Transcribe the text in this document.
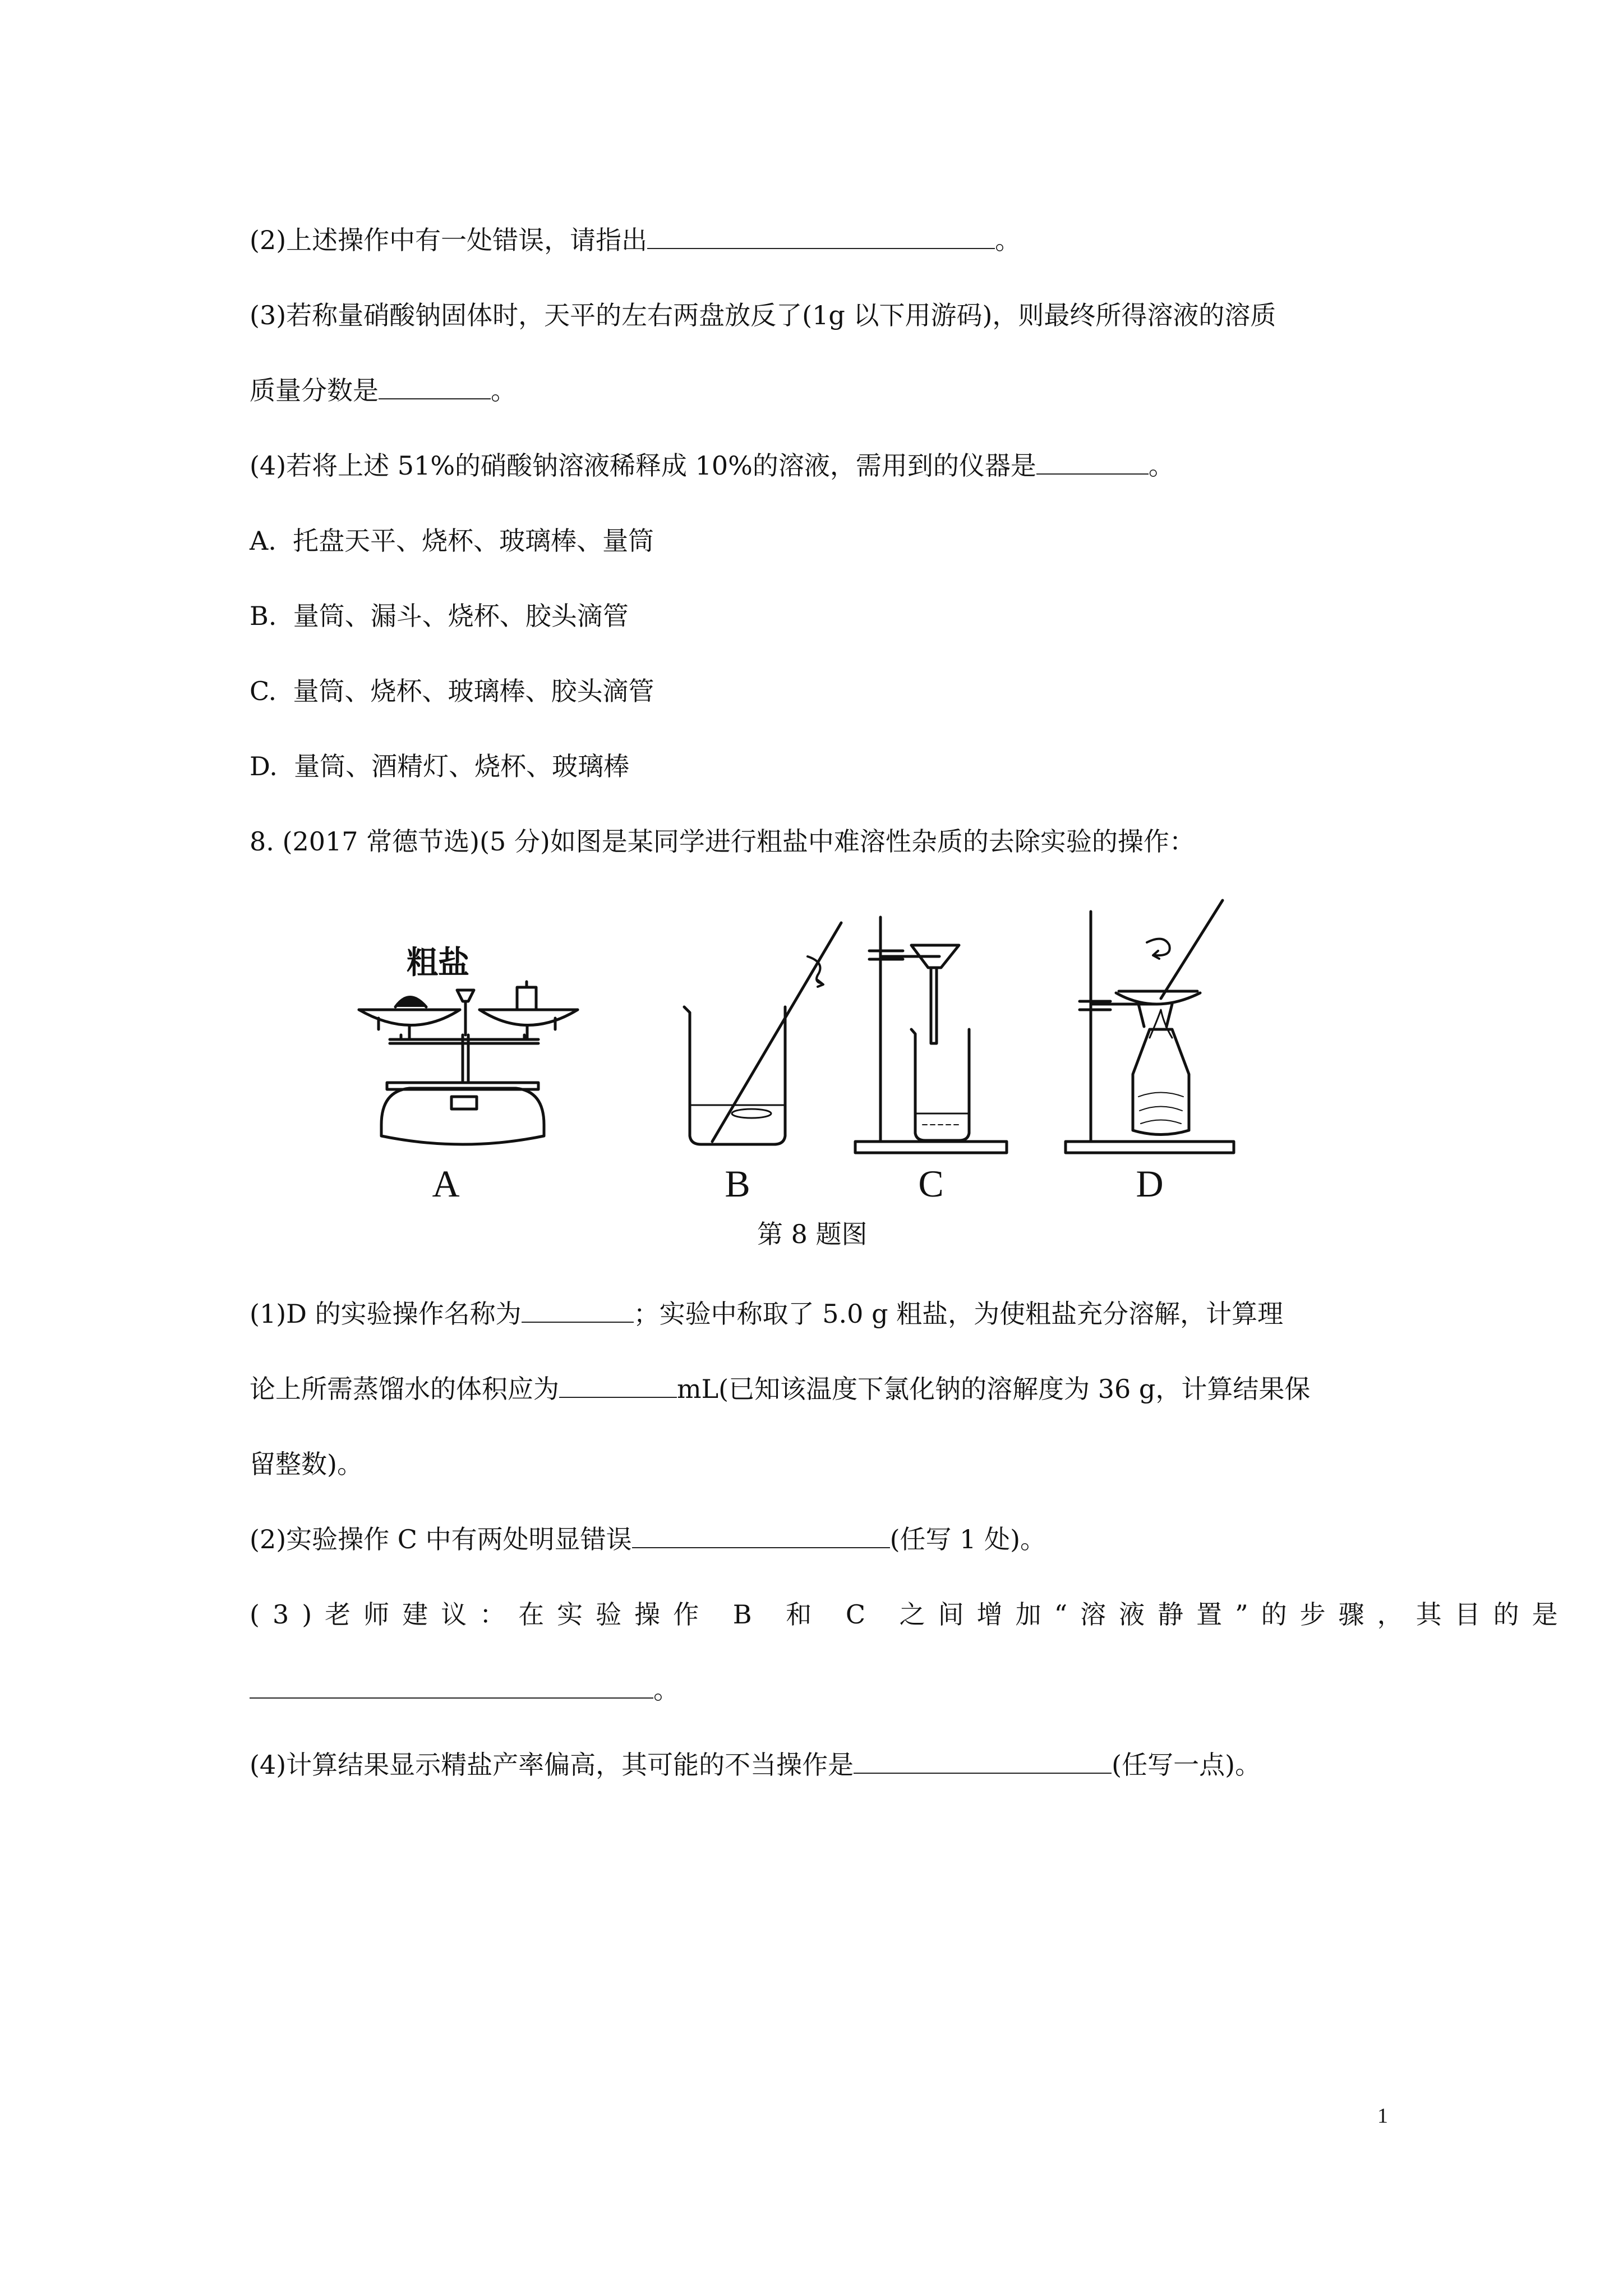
(2)上述操作中有一处错误，请指出	。
(3)若称量硝酸钠固体时，天平的左右两盘放反了(1g 以下用游码)，则最终所得溶液的溶质
质量分数是	。
(4)若将上述 51%的硝酸钠溶液稀释成 10%的溶液，需用到的仪器是	。
A. 托盘天平、烧杯、玻璃棒、量筒
B. 量筒、漏斗、烧杯、胶头滴管
C. 量筒、烧杯、玻璃棒、胶头滴管
D. 量筒、酒精灯、烧杯、玻璃棒
8. (2017 常德节选)(5 分)如图是某同学进行粗盐中难溶性杂质的去除实验的操作：
粗盐
A	B	C	D
第 8 题图
(1)D 的实验操作名称为	；实验中称取了 5.0 g 粗盐，为使粗盐充分溶解，计算理
论上所需蒸馏水的体积应为	mL(已知该温度下氯化钠的溶解度为 36 g，计算结果保
留整数)。
(2)实验操作 C 中有两处明显错误	(任写 1 处)。
(3)老师建议：在实验操作 B 和 C 之间增加“溶液静置”的步骤，其目的是
。
(4)计算结果显示精盐产率偏高，其可能的不当操作是	(任写一点)。
1
